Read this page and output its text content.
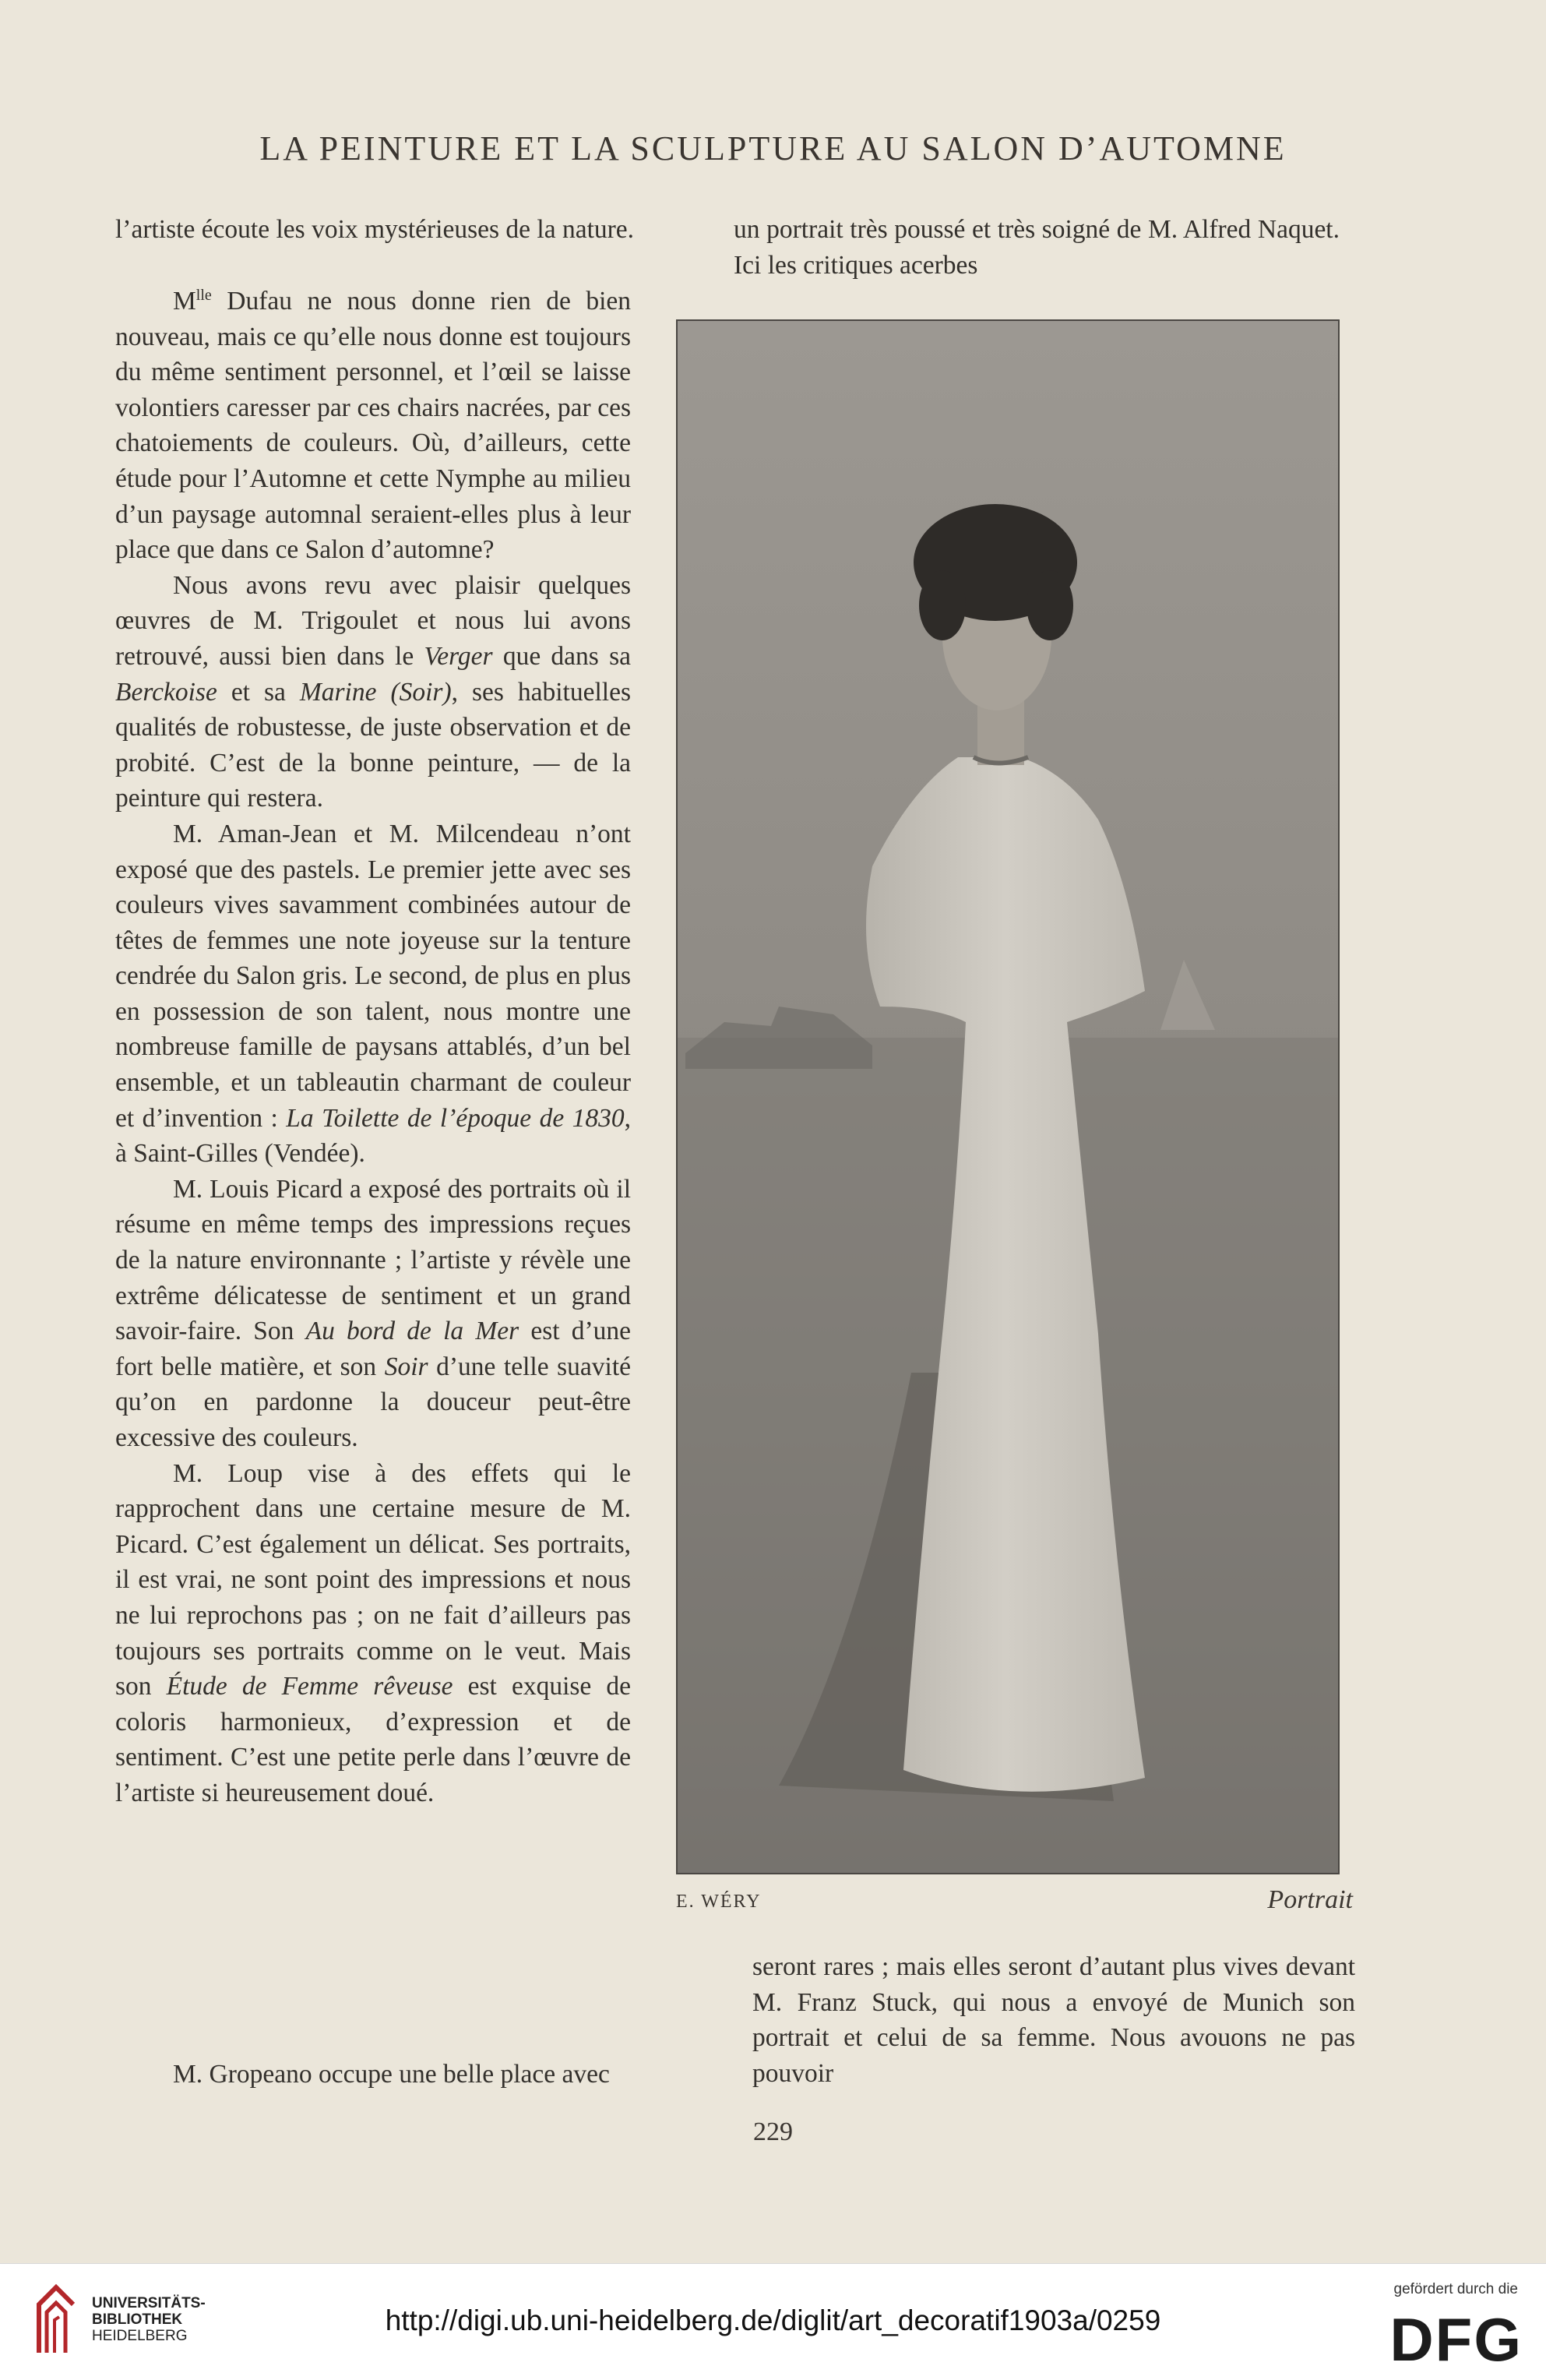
LA PEINTURE ET LA SCULPTURE AU SALON D’AUTOMNE

l’artiste écoute les voix mystérieuses de la nature.

$M^{lle}$ Dufau ne nous donne rien de bien nouveau, mais ce qu’elle nous donne est toujours du même sentiment personnel, et l’œil se laisse volontiers caresser par ces chairs nacrées, par ces chatoiements de couleurs. Où, d’ailleurs, cette étude pour l’Automne et cette Nymphe au milieu d’un paysage automnal seraient-elles plus à leur place que dans ce Salon d’automne?

Nous avons revu avec plaisir quelques œuvres de M. Trigoulet et nous lui avons retrouvé, aussi bien dans le Verger que dans sa Berckoise et sa Marine (Soir), ses habituelles qualités de robustesse, de juste observation et de probité. C’est de la bonne peinture, — de la peinture qui restera.

M. Aman-Jean et M. Milcendeau n’ont exposé que des pastels. Le premier jette avec ses couleurs vives savamment combinées autour de têtes de femmes une note joyeuse sur la tenture cendrée du Salon gris. Le second, de plus en plus en possession de son talent, nous montre une nombreuse famille de paysans attablés, d’un bel ensemble, et un tableautin charmant de couleur et d’invention : La Toilette de l’époque de 1830, à Saint-Gilles (Vendée).

M. Louis Picard a exposé des portraits où il résume en même temps des impressions reçues de la nature environnante ; l’artiste y révèle une extrême délicatesse de sentiment et un grand savoir-faire. Son Au bord de la Mer est d’une fort belle matière, et son Soir d’une telle suavité qu’on en pardonne la douceur peut-être excessive des couleurs.

M. Loup vise à des effets qui le rapprochent dans une certaine mesure de M. Picard. C’est également un délicat. Ses portraits, il est vrai, ne sont point des impressions et nous ne lui reprochons pas ; on ne fait d’ailleurs pas toujours ses portraits comme on le veut. Mais son Étude de Femme rêveuse est exquise de coloris harmonieux, d’expression et de sentiment. C’est une petite perle dans l’œuvre de l’artiste si heureusement doué.

M. Gropeano occupe une belle place avec

un portrait très poussé et très soigné de M. Alfred Naquet. Ici les critiques acerbes

E. WÉRY	Portrait

seront rares ; mais elles seront d’autant plus vives devant M. Franz Stuck, qui nous a envoyé de Munich son portrait et celui de sa femme. Nous avouons ne pas pouvoir

229
UNIVERSITÄTS-
BIBLIOTHEK
HEIDELBERG	http://digi.ub.uni-heidelberg.de/diglit/art_decoratif1903a/0259
gefördert durch die
DFG
